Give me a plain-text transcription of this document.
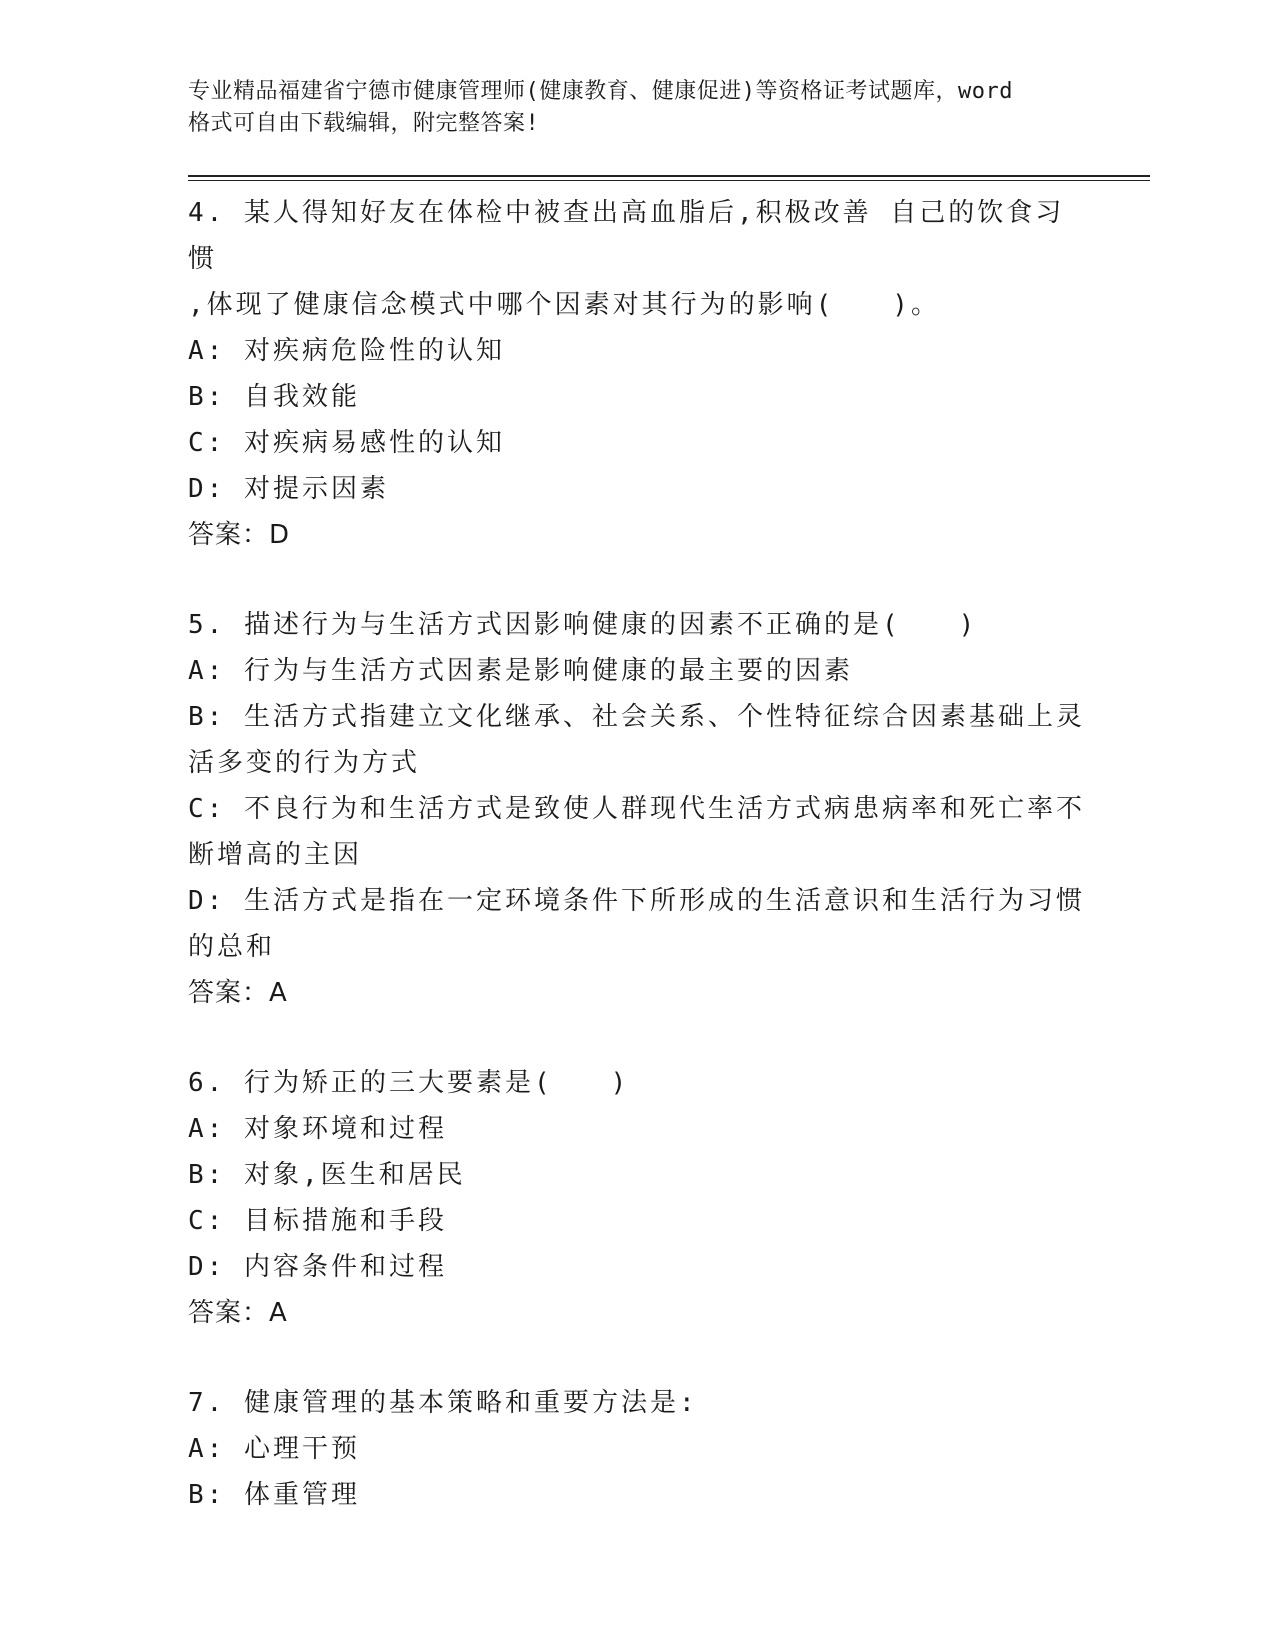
专业精品福建省宁德市健康管理师(健康教育、健康促进)等资格证考试题库，word
格式可自由下载编辑，附完整答案!

4. 某人得知好友在体检中被查出高血脂后,积极改善 自己的饮食习惯

,体现了健康信念模式中哪个因素对其行为的影响(　　)。

A: 对疾病危险性的认知

B: 自我效能

C: 对疾病易感性的认知

D: 对提示因素

答案：D

5. 描述行为与生活方式因影响健康的因素不正确的是(　　)

A: 行为与生活方式因素是影响健康的最主要的因素

B: 生活方式指建立文化继承、社会关系、个性特征综合因素基础上灵

活多变的行为方式

C: 不良行为和生活方式是致使人群现代生活方式病患病率和死亡率不

断增高的主因

D: 生活方式是指在一定环境条件下所形成的生活意识和生活行为习惯

的总和

答案：A

6. 行为矫正的三大要素是(　　)

A: 对象环境和过程

B: 对象,医生和居民

C: 目标措施和手段

D: 内容条件和过程

答案：A

7. 健康管理的基本策略和重要方法是:

A: 心理干预

B: 体重管理
